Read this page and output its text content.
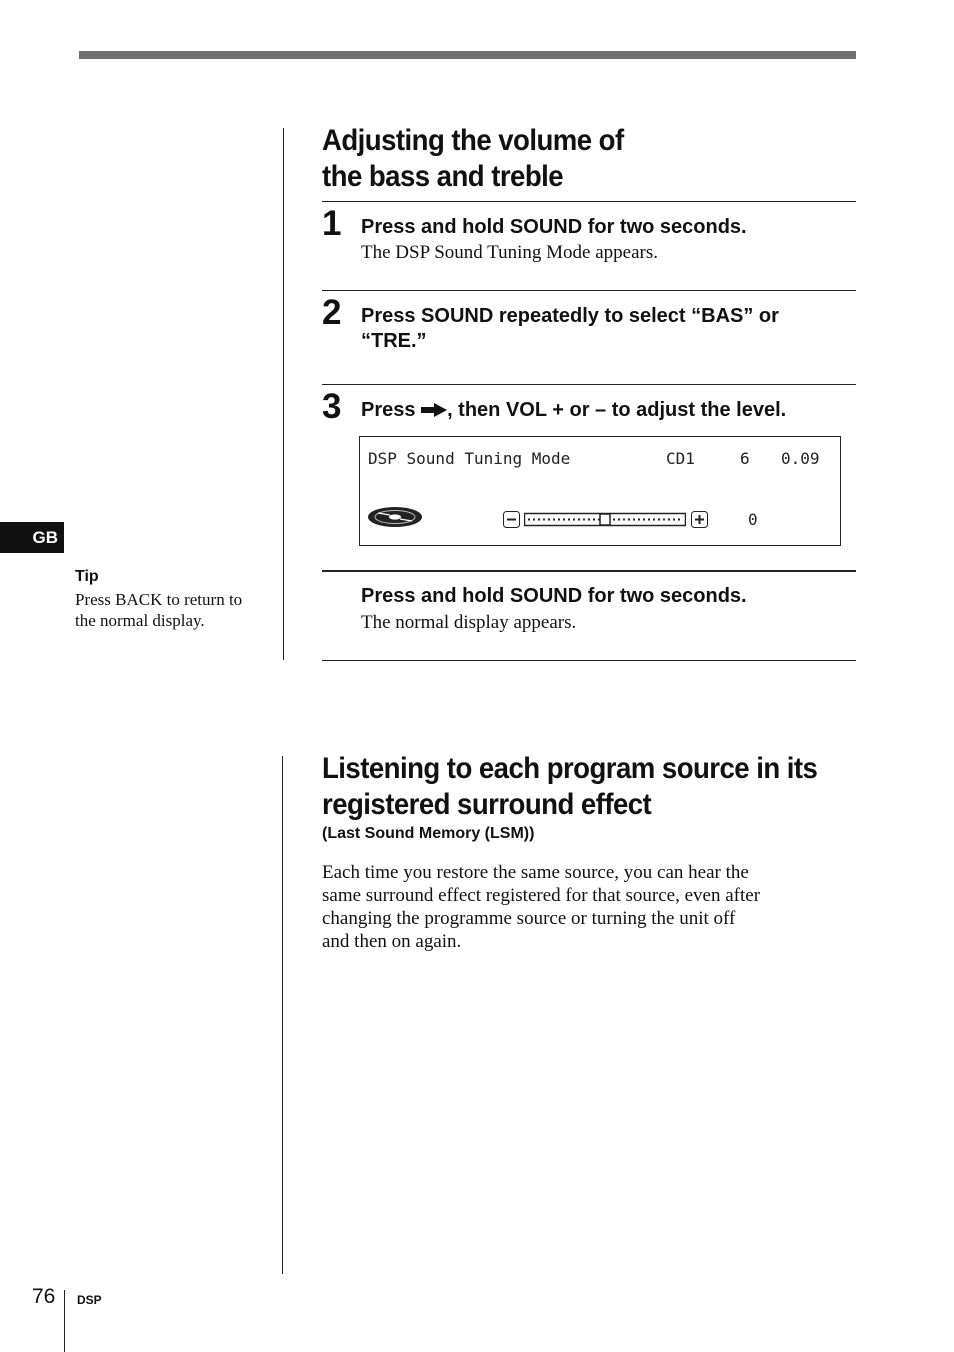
Adjusting the volume of
the bass and treble
1 Press and hold SOUND for two seconds.
The DSP Sound Tuning Mode appears.
2 Press SOUND repeatedly to select “BAS” or
“TRE.”
3 Press , then VOL + or – to adjust the level.
DSP Sound Tuning Mode	CD1	6 0.09
0
Press and hold SOUND for two seconds.
The normal display appears.
GB
Tip
Press BACK to return to
the normal display.
Listening to each program source in its
registered surround effect
(Last Sound Memory (LSM))
Each time you restore the same source, you can hear the
same surround effect registered for that source, even after
changing the programme source or turning the unit off
and then on again.
76 DSP
